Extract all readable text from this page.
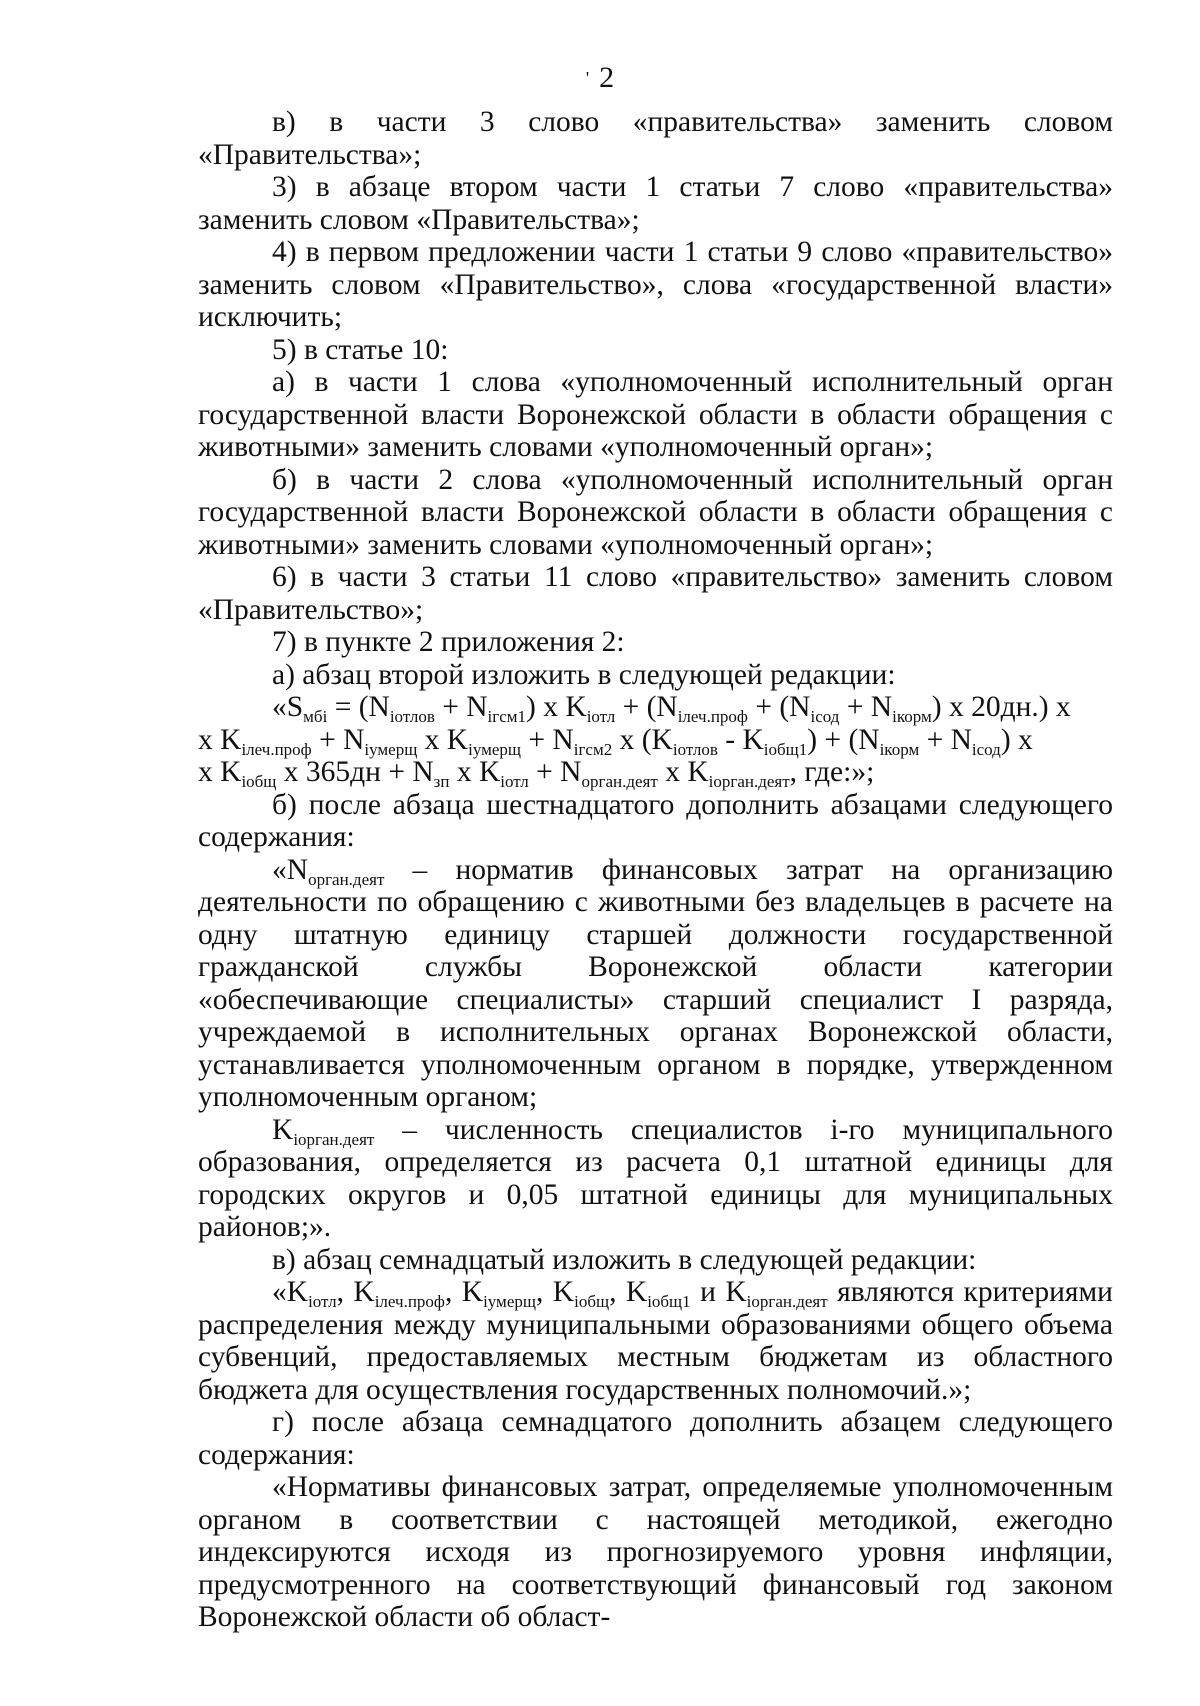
' 2

в) в части 3 слово «правительства» заменить словом «Правительства»;

3) в абзаце втором части 1 статьи 7 слово «правительства» заменить словом «Правительства»;

4) в первом предложении части 1 статьи 9 слово «правительство» заменить словом «Правительство», слова «государственной власти» исключить;

5) в статье 10:

а) в части 1 слова «уполномоченный исполнительный орган государственной власти Воронежской области в области обращения с животными» заменить словами «уполномоченный орган»;

б) в части 2 слова «уполномоченный исполнительный орган государственной власти Воронежской области в области обращения с животными» заменить словами «уполномоченный орган»;

6) в части 3 статьи 11 слово «правительство» заменить словом «Правительство»;

7) в пункте 2 приложения 2:

а) абзац второй изложить в следующей редакции:

«$S_{мбi} = (N_{iотлов} + N_{iгсм1})$ x $K_{iотл} + (N_{iлеч.проф} + (N_{iсод} + N_{iкорм})$ x 20дн.) x

x $K_{iлеч.проф} + N_{iумерщ}$ x $K_{iумерщ} + N_{iгсм2}$ x $(K_{iотлов} - K_{iобщ1}) + (N_{iкорм} + N_{iсод})$ x

x $K_{iобщ}$ x $365дн + N_{зп}$ x $K_{iотл} + N_{орган.деят}$ x $K_{iорган.деят}$, где:»;

б) после абзаца шестнадцатого дополнить абзацами следующего содержания:

«$N_{орган.деят}$ – норматив финансовых затрат на организацию деятельности по обращению с животными без владельцев в расчете на одну штатную единицу старшей должности государственной гражданской службы Воронежской области категории «обеспечивающие специалисты» старший специалист I разряда, учреждаемой в исполнительных органах Воронежской области, устанавливается уполномоченным органом в порядке, утвержденном уполномоченным органом;

$K_{iорган.деят}$ – численность специалистов i-го муниципального образования, определяется из расчета 0,1 штатной единицы для городских округов и 0,05 штатной единицы для муниципальных районов;».

в) абзац семнадцатый изложить в следующей редакции:

«$K_{iотл}$, $K_{iлеч.проф}$, $K_{iумерщ}$, $K_{iобщ}$, $K_{iобщ1}$ и $K_{iорган.деят}$ являются критериями распределения между муниципальными образованиями общего объема субвенций, предоставляемых местным бюджетам из областного бюджета для осуществления государственных полномочий.»;

г) после абзаца семнадцатого дополнить абзацем следующего содержания:

«Нормативы финансовых затрат, определяемые уполномоченным органом в соответствии с настоящей методикой, ежегодно индексируются исходя из прогнозируемого уровня инфляции, предусмотренного на соответствующий финансовый год законом Воронежской области об област-
